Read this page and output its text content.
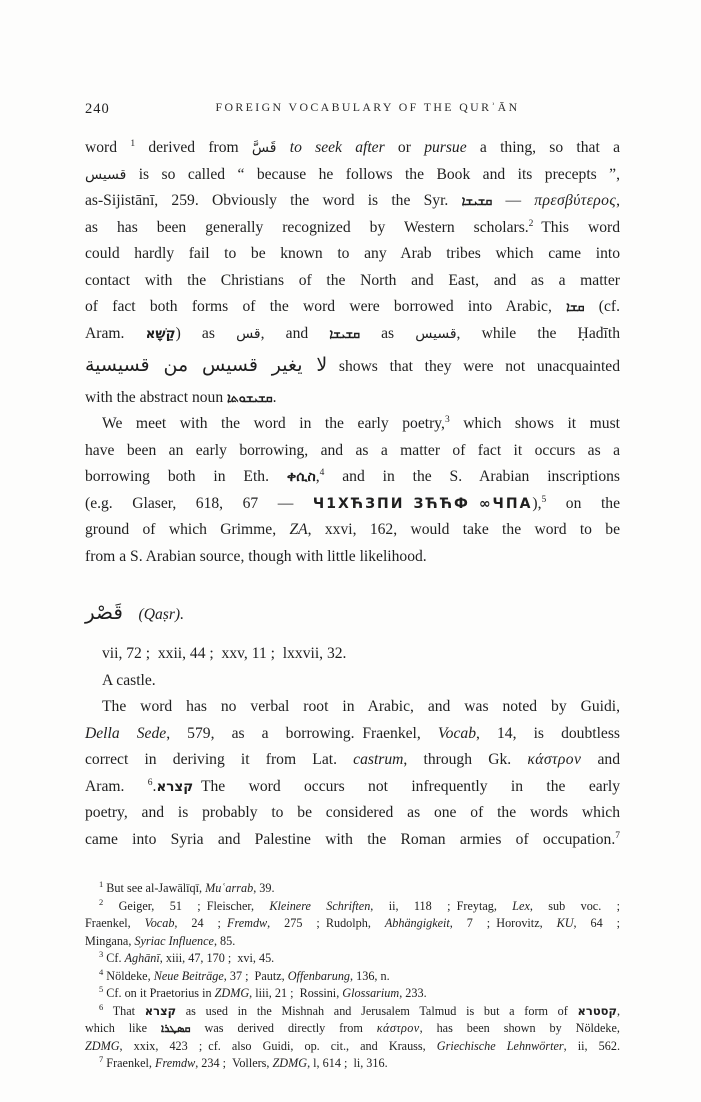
240	FOREIGN VOCABULARY OF THE QURʾĀN
word $^1$ derived from قَسَّ to seek after or pursue a thing, so that a
قسيس is so called “ because he follows the Book and its precepts ”,
as-Sijistānī, 259. Obviously the word is the Syr. ܩܫܝܫܐ — πρεσβύτερος,
as has been generally recognized by Western scholars.$^2$ This word
could hardly fail to be known to any Arab tribes which came into
contact with the Christians of the North and East, and as a matter
of fact both forms of the word were borrowed into Arabic, ܩܫܐ (cf.
Aram. קַשָּׁא) as قس, and ܩܫܝܫܐ as قسيس, while the Ḥadīth
لا يغير قسيس من قسيسية shows that they were not unacquainted
with the abstract noun ܩܫܝܫܘܬܐ.
We meet with the word in the early poetry,$^3$ which shows it must
have been an early borrowing, and as a matter of fact it occurs as a
borrowing both in Eth. ቀሲስ,$^4$ and in the S. Arabian inscriptions
(e.g. Glaser, 618, 67 — Ч1ХЋЗПИ ЗЋЋФ ∞ЧПА),$^5$ on the
ground of which Grimme, ZA, xxvi, 162, would take the word to be
from a S. Arabian source, though with little likelihood.
قَصْر  (Qaṣr).
vii, 72 ; xxii, 44 ; xxv, 11 ; lxxvii, 32.
A castle.
The word has no verbal root in Arabic, and was noted by Guidi,
Della Sede, 579, as a borrowing. Fraenkel, Vocab, 14, is doubtless
correct in deriving it from Lat. castrum, through Gk. κάστρον and
Aram. קצרא.$^6$	 The word occurs not infrequently in the early
poetry, and is probably to be considered as one of the words which
came into Syria and Palestine with the Roman armies of occupation.$^7$
$^1$ But see al-Jawālīqī, Muʿarrab, 39.
$^2$ Geiger, 51 ; Fleischer, Kleinere Schriften, ii, 118 ; Freytag, Lex, sub voc. ;
Fraenkel, Vocab, 24 ; Fremdw, 275 ; Rudolph, Abhängigkeit, 7 ; Horovitz, KU, 64 ;
Mingana, Syriac Influence, 85.
$^3$ Cf. Aghānī, xiii, 47, 170 ; xvi, 45.
$^4$ Nöldeke, Neue Beiträge, 37 ; Pautz, Offenbarung, 136, n.
$^5$ Cf. on it Praetorius in ZDMG, liii, 21 ; Rossini, Glossarium, 233.
$^6$ That קצרא as used in the Mishnah and Jerusalem Talmud is but a form of קסטרא,
which like ܩܣܛܪܐ was derived directly from κάστρον, has been shown by Nöldeke,
ZDMG, xxix, 423 ; cf. also Guidi, op. cit., and Krauss, Griechische Lehnwörter, ii, 562.
$^7$ Fraenkel, Fremdw, 234 ; Vollers, ZDMG, l, 614 ; li, 316.
